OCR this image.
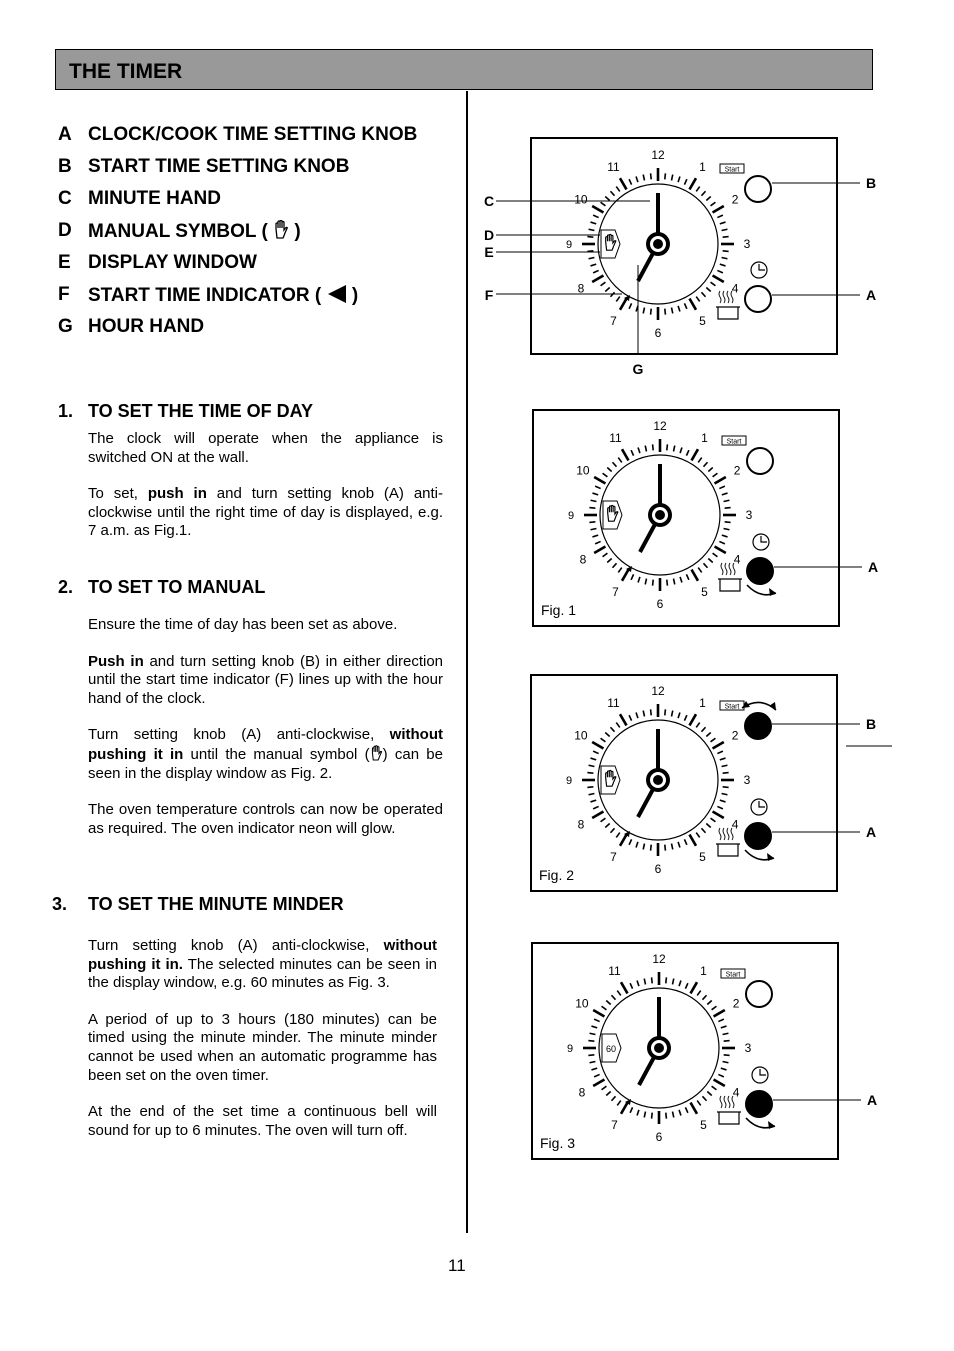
THE TIMER
A CLOCK/COOK TIME SETTING KNOB
B START TIME SETTING KNOB
C MINUTE HAND
D MANUAL SYMBOL ( )
E DISPLAY WINDOW
F START TIME INDICATOR ( )
G HOUR HAND
1. TO SET THE TIME OF DAY

The clock will operate when the appliance is switched ON at the wall.

To set, push in and turn setting knob (A) anti-clockwise until the right time of day is displayed, e.g. 7 a.m. as Fig.1.

2. TO SET TO MANUAL

Ensure the time of day has been set as above.

Push in and turn setting knob (B) in either direction until the start time indicator (F) lines up with the hour hand of the clock.

Turn setting knob (A) anti-clockwise, without pushing it in until the manual symbol ( ) can be seen in the display window as Fig. 2.

The oven temperature controls can now be operated as required. The oven indicator neon will glow.

3. TO SET THE MINUTE MINDER

Turn setting knob (A) anti-clockwise, without pushing it in. The selected minutes can be seen in the display window, e.g. 60 minutes as Fig. 3.

A period of up to 3 hours (180 minutes) can be timed using the minute minder. The minute minder cannot be used when an automatic programme has been set on the oven timer.

At the end of the set time a continuous bell will sound for up to 6 minutes. The oven will turn off.

11
12
1
2
3
4
5
6
7
8
9
10
11	Start
C
D
E
F
G
B
A
12
1
2
3
4
5
6
7
8
9
10
11	Start
Fig. 1
A
12
1
2
3
4
5
6
7
8
9
10
11	Start
Fig. 2
B
A
12
1
2
3
4
5
6
7
8
9
10
11
60
Start
Fig. 3
A
